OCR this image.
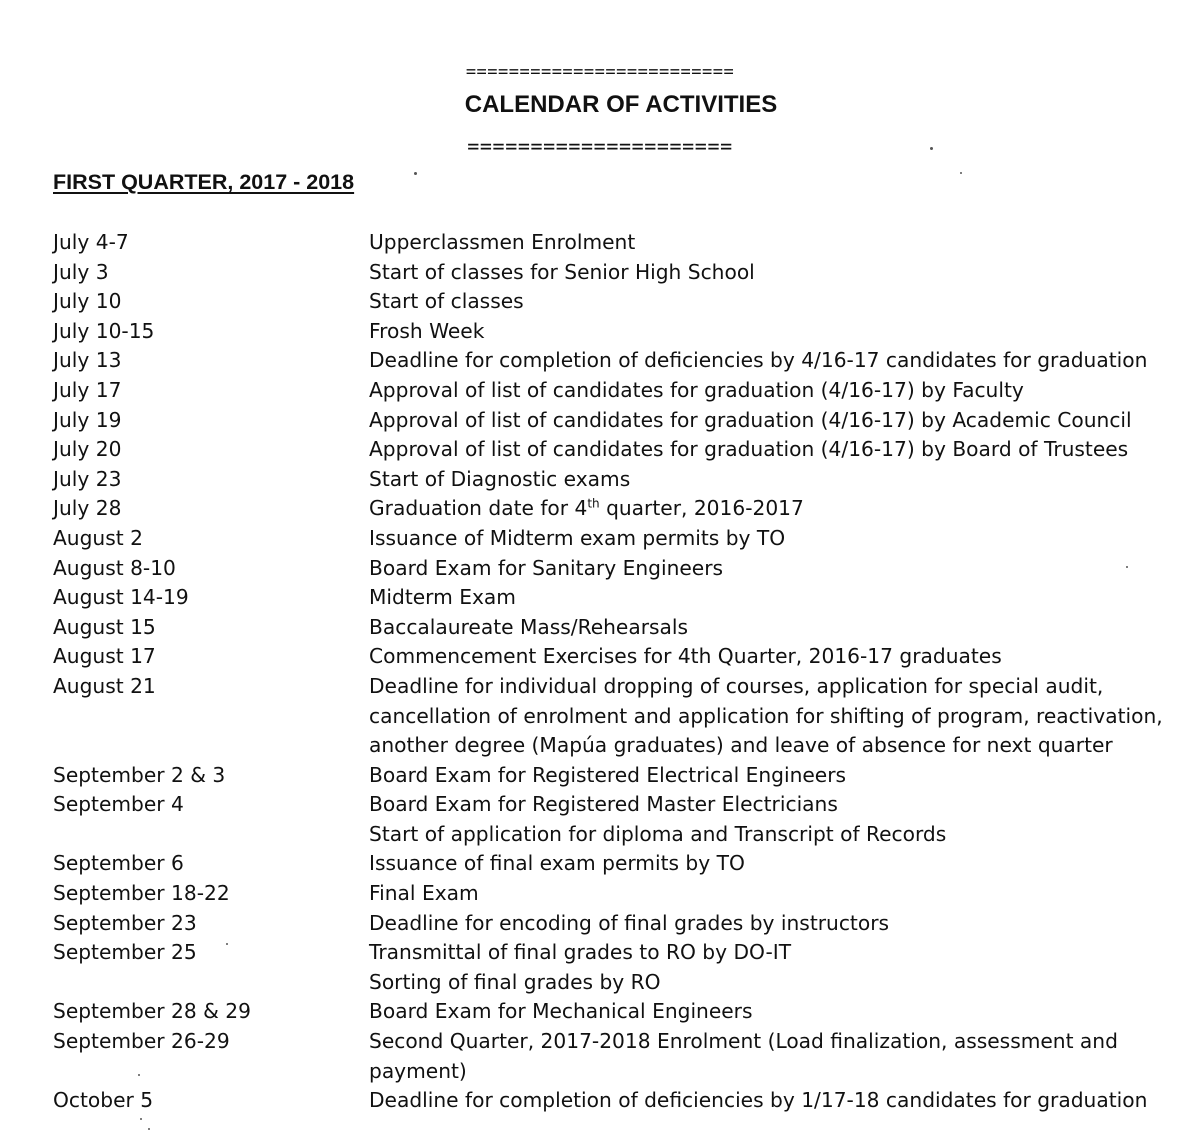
=========================
CALENDAR OF ACTIVITIES
=====================
FIRST QUARTER, 2017 - 2018
July 4-7	Upperclassmen Enrolment
July 3	Start of classes for Senior High School
July 10	Start of classes
July 10-15	Frosh Week
July 13	Deadline for completion of deficiencies by 4/16-17 candidates for graduation
July 17	Approval of list of candidates for graduation (4/16-17) by Faculty
July 19	Approval of list of candidates for graduation (4/16-17) by Academic Council
July 20	Approval of list of candidates for graduation (4/16-17) by Board of Trustees
July 23	Start of Diagnostic exams
July 28	Graduation date for 4th quarter, 2016-2017
August 2	Issuance of Midterm exam permits by TO
August 8-10	Board Exam for Sanitary Engineers
August 14-19	Midterm Exam
August 15	Baccalaureate Mass/Rehearsals
August 17	Commencement Exercises for 4th Quarter, 2016-17 graduates
August 21	Deadline for individual dropping of courses, application for special audit,
cancellation of enrolment and application for shifting of program, reactivation,
another degree (Mapúa graduates) and leave of absence for next quarter
September 2 & 3	Board Exam for Registered Electrical Engineers
September 4	Board Exam for Registered Master Electricians
Start of application for diploma and Transcript of Records
September 6	Issuance of final exam permits by TO
September 18-22	Final Exam
September 23	Deadline for encoding of final grades by instructors
September 25	Transmittal of final grades to RO by DO-IT
Sorting of final grades by RO
September 28 & 29	Board Exam for Mechanical Engineers
September 26-29	Second Quarter, 2017-2018 Enrolment (Load finalization, assessment and
payment)
October 5	Deadline for completion of deficiencies by 1/17-18 candidates for graduation
